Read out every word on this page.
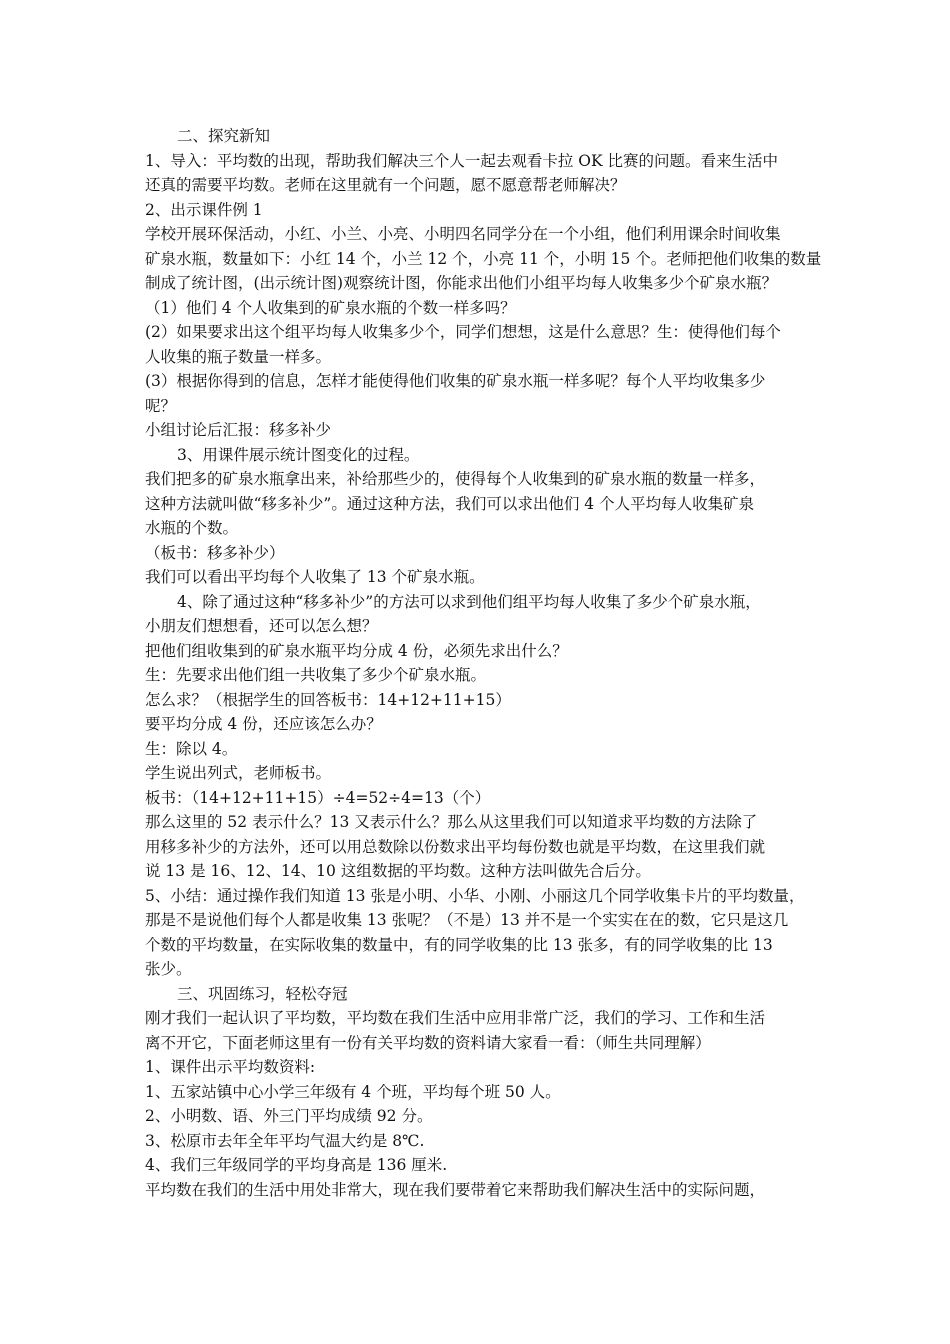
二、探究新知

1、导入：平均数的出现，帮助我们解决三个人一起去观看卡拉 OK 比赛的问题。看来生活中

还真的需要平均数。老师在这里就有一个问题，愿不愿意帮老师解决？

2、出示课件例 1

学校开展环保活动，小红、小兰、小亮、小明四名同学分在一个小组，他们利用课余时间收集

矿泉水瓶，数量如下：小红 14 个，小兰 12 个，小亮 11 个，小明 15 个。老师把他们收集的数量

制成了统计图，(出示统计图)观察统计图，你能求出他们小组平均每人收集多少个矿泉水瓶？

（1）他们 4 个人收集到的矿泉水瓶的个数一样多吗？

(2）如果要求出这个组平均每人收集多少个，同学们想想，这是什么意思？生：使得他们每个

人收集的瓶子数量一样多。

(3）根据你得到的信息，怎样才能使得他们收集的矿泉水瓶一样多呢？每个人平均收集多少

呢？

小组讨论后汇报：移多补少

3、用课件展示统计图变化的过程。

我们把多的矿泉水瓶拿出来，补给那些少的，使得每个人收集到的矿泉水瓶的数量一样多，

这种方法就叫做“移多补少”。通过这种方法，我们可以求出他们 4 个人平均每人收集矿泉

水瓶的个数。

（板书：移多补少）

我们可以看出平均每个人收集了 13 个矿泉水瓶。

4、除了通过这种“移多补少”的方法可以求到他们组平均每人收集了多少个矿泉水瓶，

小朋友们想想看，还可以怎么想？

把他们组收集到的矿泉水瓶平均分成 4 份，必须先求出什么？

生：先要求出他们组一共收集了多少个矿泉水瓶。

怎么求？（根据学生的回答板书：14+12+11+15）

要平均分成 4 份，还应该怎么办？

生：除以 4。

学生说出列式，老师板书。

板书：（14+12+11+15）÷4=52÷4=13（个）

那么这里的 52 表示什么？13 又表示什么？那么从这里我们可以知道求平均数的方法除了

用移多补少的方法外，还可以用总数除以份数求出平均每份数也就是平均数，在这里我们就

说 13 是 16、12、14、10 这组数据的平均数。这种方法叫做先合后分。

5、小结：通过操作我们知道 13 张是小明、小华、小刚、小丽这几个同学收集卡片的平均数量，

那是不是说他们每个人都是收集 13 张呢？（不是）13 并不是一个实实在在的数，它只是这几

个数的平均数量，在实际收集的数量中，有的同学收集的比 13 张多，有的同学收集的比 13

张少。

三、巩固练习，轻松夺冠

刚才我们一起认识了平均数，平均数在我们生活中应用非常广泛，我们的学习、工作和生活

离不开它，下面老师这里有一份有关平均数的资料请大家看一看：（师生共同理解）

1、课件出示平均数资料:

1、五家站镇中心小学三年级有 4 个班，平均每个班 50 人。

2、小明数、语、外三门平均成绩 92 分。

3、松原市去年全年平均气温大约是 8℃.

4、我们三年级同学的平均身高是 136 厘米.

平均数在我们的生活中用处非常大，现在我们要带着它来帮助我们解决生活中的实际问题，
